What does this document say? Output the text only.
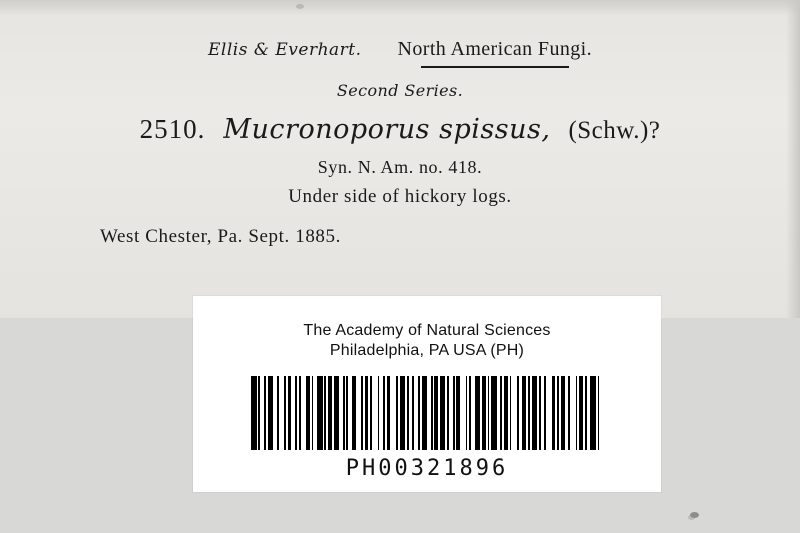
Ellis & Everhart. North American Fungi.
Second Series.
2510. Mucronoporus spissus, (Schw.)?
Syn. N. Am. no. 418.
Under side of hickory logs.
West Chester, Pa. Sept. 1885.
The Academy of Natural Sciences
Philadelphia, PA USA (PH)
PH00321896
